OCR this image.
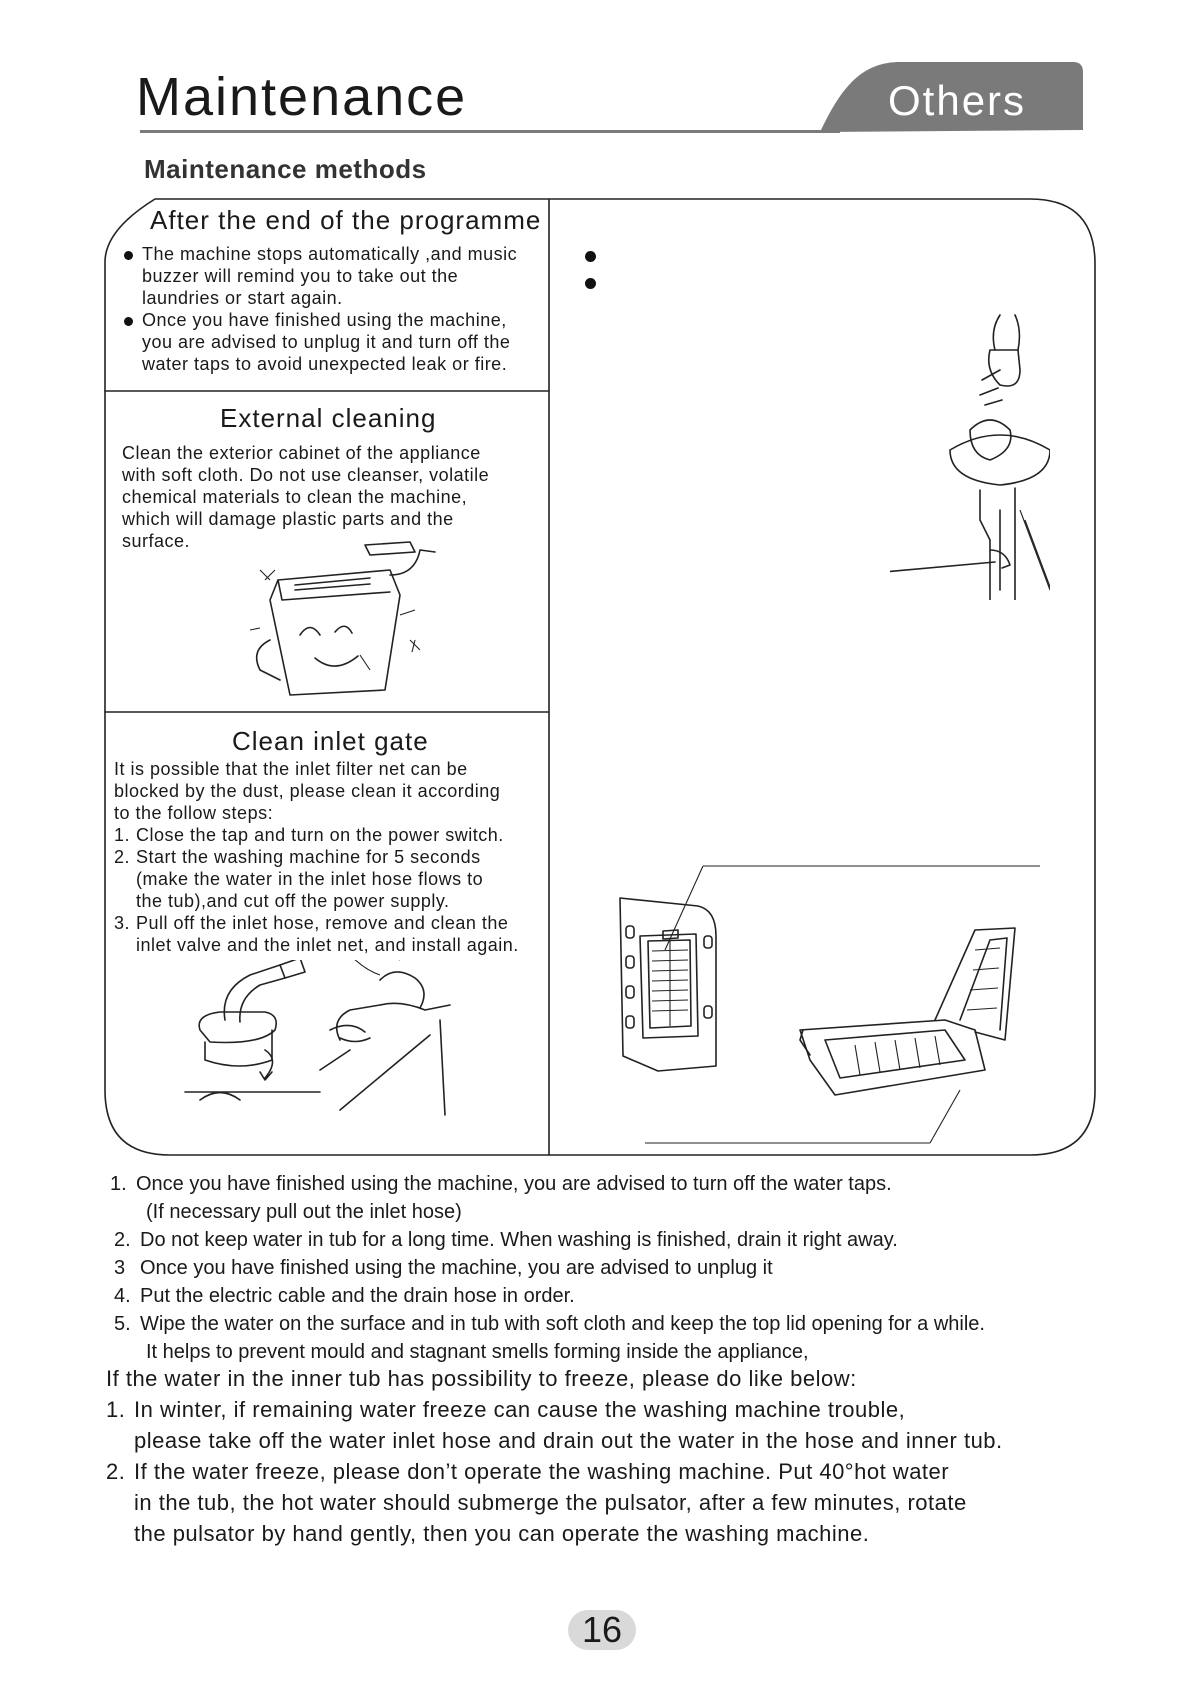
Maintenance	Others
Maintenance methods
After the end of the programme
The machine stops automatically ,and music
buzzer will remind you to take out the
laundries or start again.
Once you have finished using the machine,
you are advised to unplug it and turn off the
water taps to avoid unexpected leak or fire.
External cleaning
Clean the exterior cabinet of the appliance
with soft cloth. Do not use cleanser, volatile
chemical materials to clean the machine,
which will damage plastic parts and the
surface.
Clean inlet gate
It is possible that the inlet filter net can be
blocked by the dust, please clean it according
to the follow steps:
1. Close the tap and turn on the power switch.
2. Start the washing machine for 5 seconds
(make the water in the inlet hose flows to
the tub),and cut off the power supply.
3. Pull off the inlet hose, remove and clean the
inlet valve and the inlet net, and install again.
1. Once you have finished using the machine, you are advised to turn off the water taps.
(If necessary pull out the inlet hose)
2. Do not keep water in tub for a long time. When washing is finished, drain it right away.
3 Once you have finished using the machine, you are advised to unplug it
4. Put the electric cable and the drain hose in order.
5. Wipe the water on the surface and in tub with soft cloth and keep the top lid opening for a while.
It helps to prevent mould and stagnant smells forming inside the appliance,
If the water in the inner tub has possibility to freeze, please do like below:
1. In winter, if remaining water freeze can cause the washing machine trouble,
please take off the water inlet hose and drain out the water in the hose and inner tub.
2. If the water freeze, please don’t operate the washing machine. Put 40°hot water
in the tub, the hot water should submerge the pulsator, after a few minutes, rotate
the pulsator by hand gently, then you can operate the washing machine.
16
